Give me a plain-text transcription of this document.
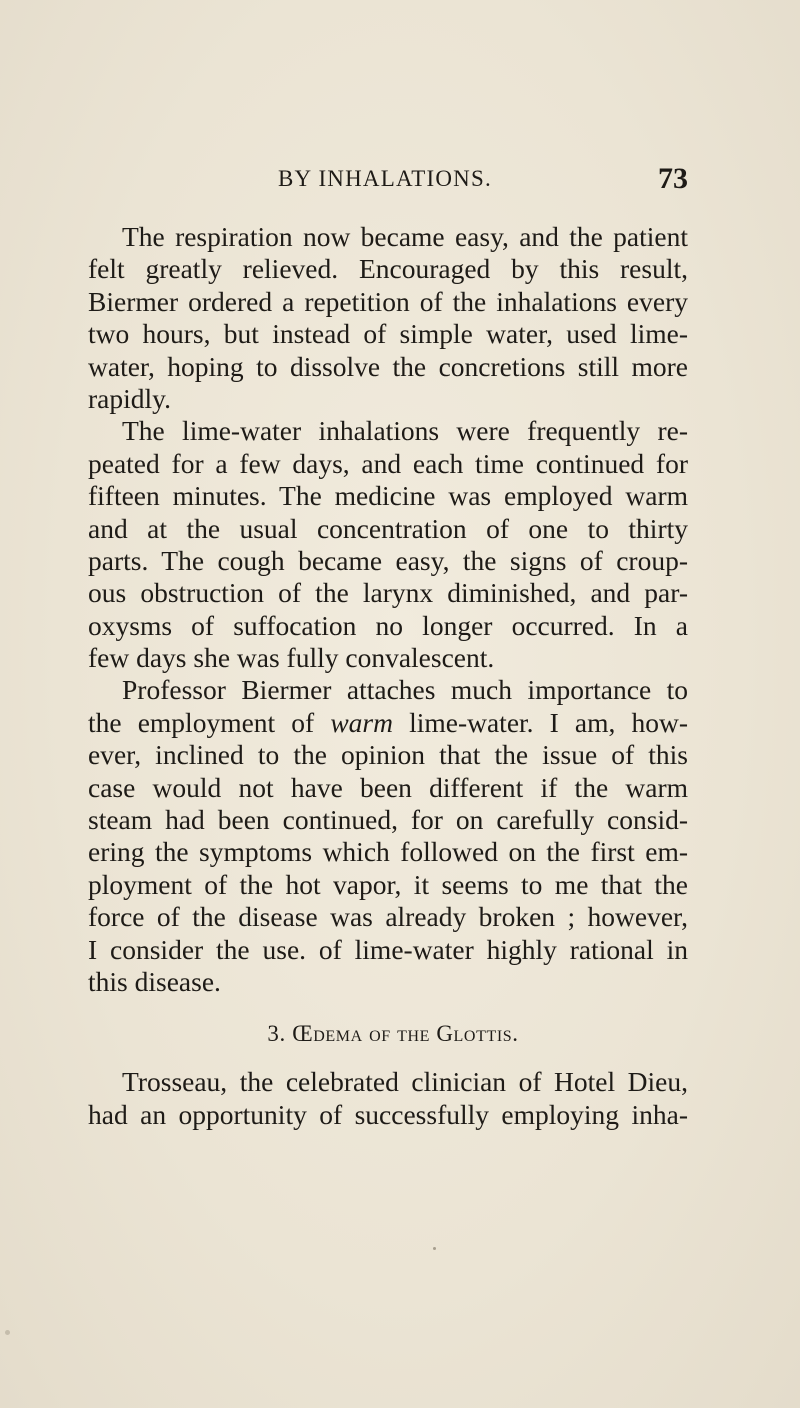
BY INHALATIONS.	73
The respiration now became easy, and the patient
felt greatly relieved. Encouraged by this result,
Biermer ordered a repetition of the inhalations every
two hours, but instead of simple water, used lime-
water, hoping to dissolve the concretions still more
rapidly.
The lime-water inhalations were frequently re-
peated for a few days, and each time continued for
fifteen minutes. The medicine was employed warm
and at the usual concentration of one to thirty
parts. The cough became easy, the signs of croup-
ous obstruction of the larynx diminished, and par-
oxysms of suffocation no longer occurred. In a
few days she was fully convalescent.
Professor Biermer attaches much importance to
the employment of warm lime-water. I am, how-
ever, inclined to the opinion that the issue of this
case would not have been different if the warm
steam had been continued, for on carefully consid-
ering the symptoms which followed on the first em-
ployment of the hot vapor, it seems to me that the
force of the disease was already broken ; however,
I consider the use. of lime-water highly rational in
this disease.
3. Œdema of the Glottis.
Trosseau, the celebrated clinician of Hotel Dieu,
had an opportunity of successfully employing inha-
